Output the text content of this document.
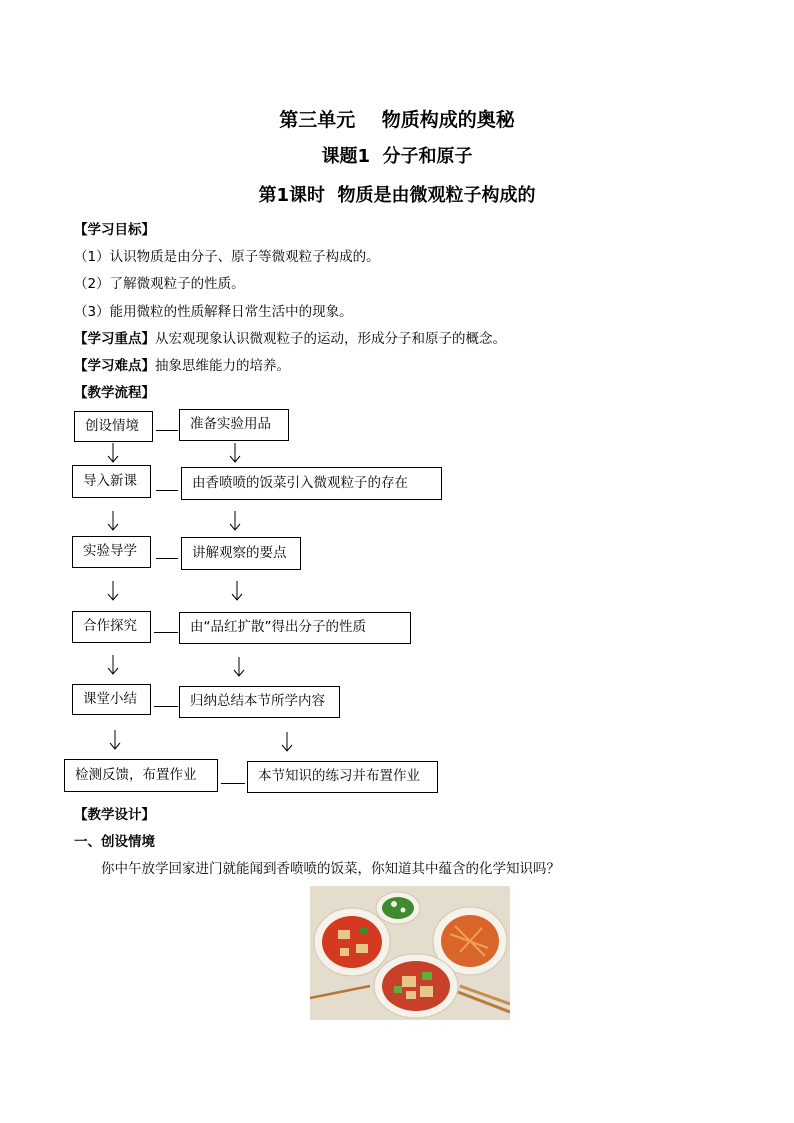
第三单元    物质构成的奥秘
课题1  分子和原子
第1课时  物质是由微观粒子构成的
【学习目标】
（1）认识物质是由分子、原子等微观粒子构成的。
（2）了解微观粒子的性质。
（3）能用微粒的性质解释日常生活中的现象。
【学习重点】从宏观现象认识微观粒子的运动，形成分子和原子的概念。
【学习难点】抽象思维能力的培养。
【教学流程】
创设情境	准备实验用品
导入新课	由香喷喷的饭菜引入微观粒子的存在
实验导学	讲解观察的要点
合作探究	由“品红扩散”得出分子的性质
课堂小结	归纳总结本节所学内容
检测反馈，布置作业	本节知识的练习并布置作业
【教学设计】
一、创设情境
你中午放学回家进门就能闻到香喷喷的饭菜，你知道其中蕴含的化学知识吗？
